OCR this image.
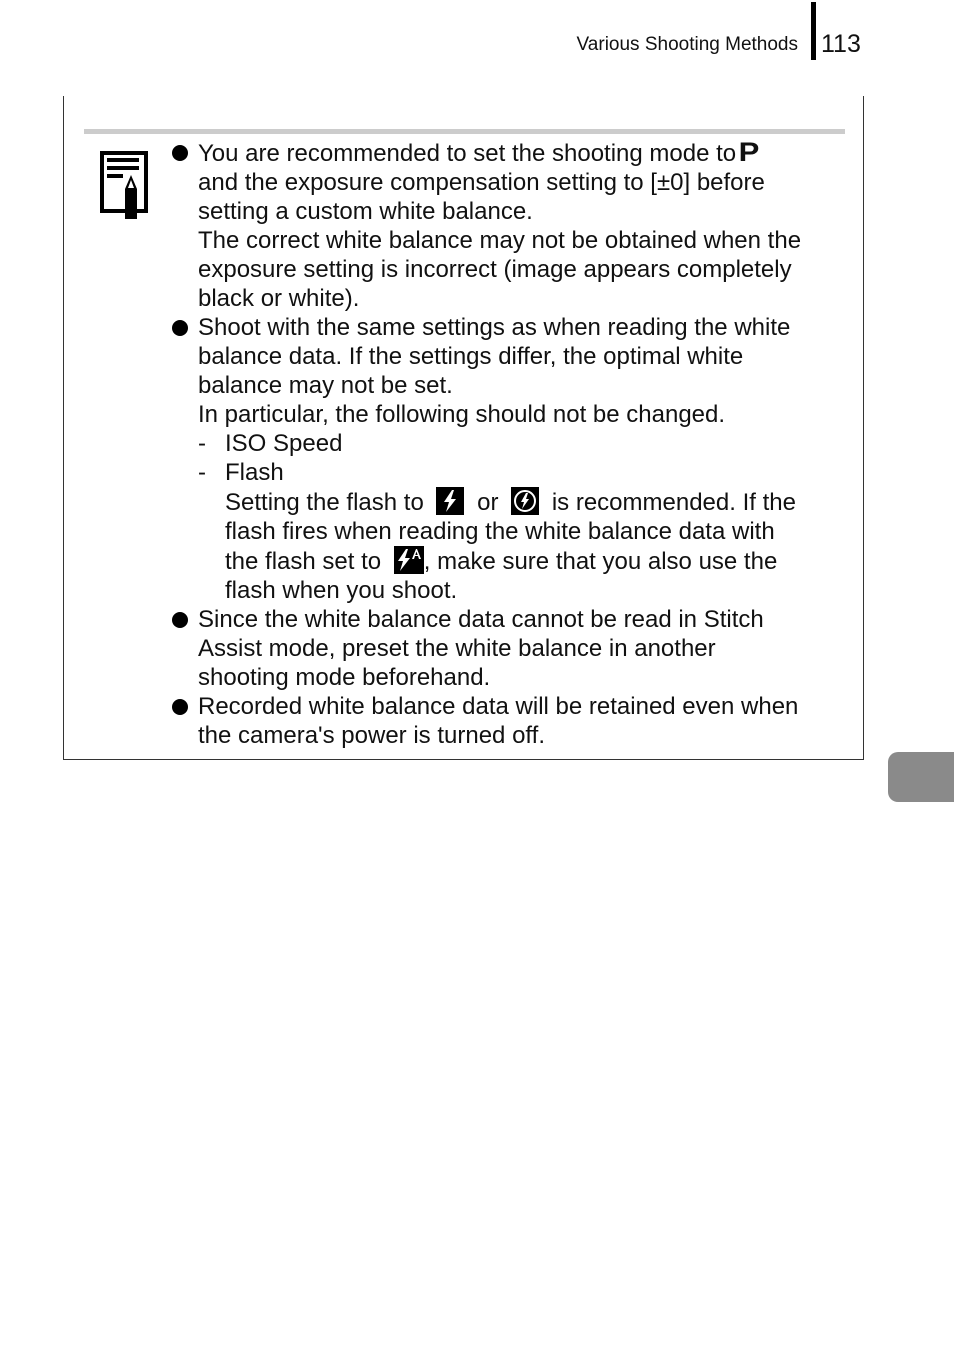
Various Shooting Methods 113
You are recommended to set the shooting mode toP
and the exposure compensation setting to [±0] before
setting a custom white balance.
The correct white balance may not be obtained when the
exposure setting is incorrect (image appears completely
black or white).
Shoot with the same settings as when reading the white
balance data. If the settings differ, the optimal white
balance may not be set.
In particular, the following should not be changed.
- ISO Speed
- Flash
Setting the flash to or is recommended. If the
flash fires when reading the white balance data with
the flash set to , make sure that you also use the
flash when you shoot.
Since the white balance data cannot be read in Stitch
Assist mode, preset the white balance in another
shooting mode beforehand.
Recorded white balance data will be retained even when
the camera's power is turned off.
